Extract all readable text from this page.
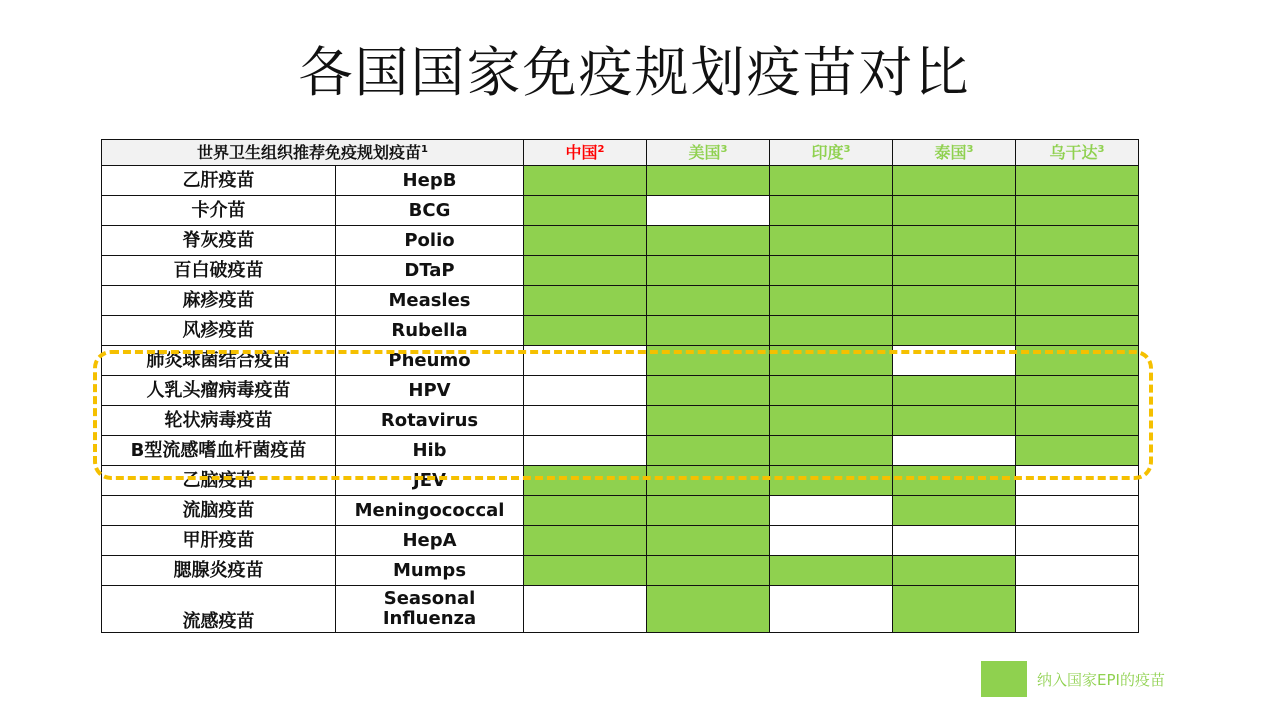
各国国家免疫规划疫苗对比
世界卫生组织推荐免疫规划疫苗$^1$		中国$^2$	美国$^3$	印度$^3$	泰国$^3$	乌干达$^3$
乙肝疫苗	HepB					
卡介苗	BCG					
脊灰疫苗	Polio					
百白破疫苗	DTaP					
麻疹疫苗	Measles					
风疹疫苗	Rubella					
肺炎球菌结合疫苗	Pheumo					
人乳头瘤病毒疫苗	HPV					
轮状病毒疫苗	Rotavirus					
B型流感嗜血杆菌疫苗	Hib					
乙脑疫苗	JEV					
流脑疫苗	Meningococcal					
甲肝疫苗	HepA					
腮腺炎疫苗	Mumps					
流感疫苗	Seasonal Influenza					
纳入国家EPI的疫苗
